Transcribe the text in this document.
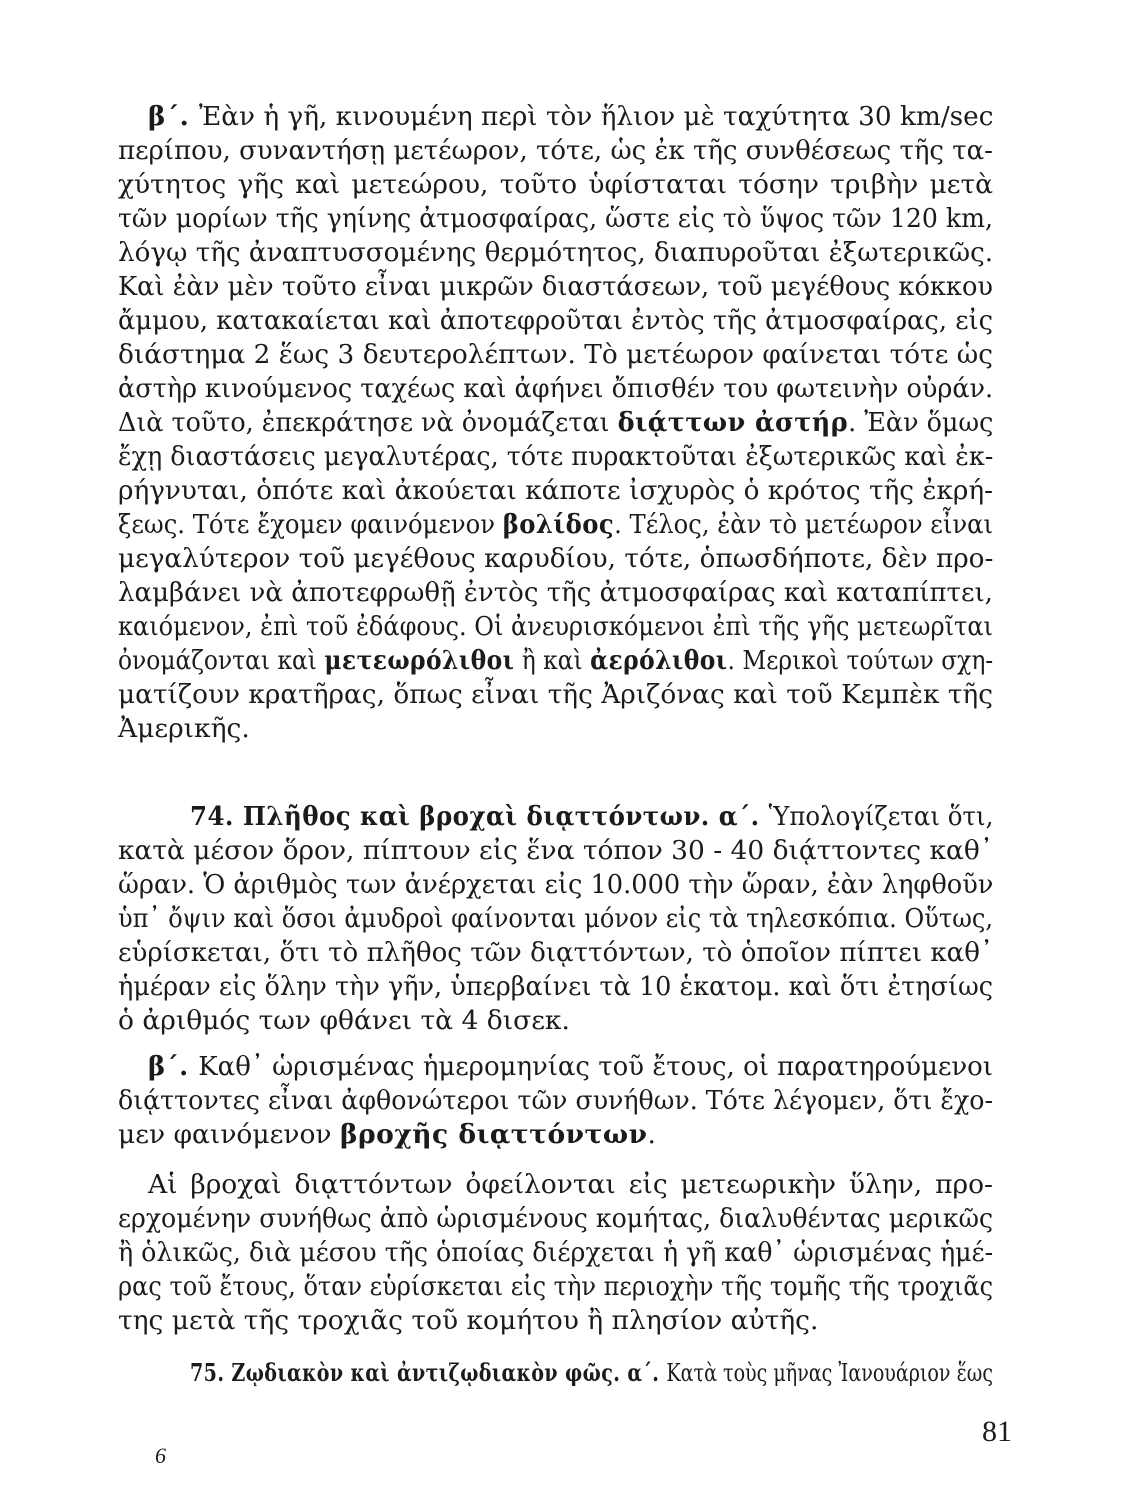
β΄. Ἐὰν ἡ γῆ, κινουμένη περὶ τὸν ἥλιον μὲ ταχύτητα 30 km/sec
περίπου, συναντήσῃ μετέωρον, τότε, ὡς ἐκ τῆς συνθέσεως τῆς τα-
χύτητος γῆς καὶ μετεώρου, τοῦτο ὑφίσταται τόσην τριβὴν μετὰ
τῶν μορίων τῆς γηίνης ἀτμοσφαίρας, ὥστε εἰς τὸ ὕψος τῶν 120 km,
λόγῳ τῆς ἀναπτυσσομένης θερμότητος, διαπυροῦται ἐξωτερικῶς.
Καὶ ἐὰν μὲν τοῦτο εἶναι μικρῶν διαστάσεων, τοῦ μεγέθους κόκκου
ἄμμου, κατακαίεται καὶ ἀποτεφροῦται ἐντὸς τῆς ἀτμοσφαίρας, εἰς
διάστημα 2 ἕως 3 δευτερολέπτων. Τὸ μετέωρον φαίνεται τότε ὡς
ἀστὴρ κινούμενος ταχέως καὶ ἀφήνει ὄπισθέν του φωτεινὴν οὐράν.
Διὰ τοῦτο, ἐπεκράτησε νὰ ὀνομάζεται διᾴττων ἀστήρ. Ἐὰν ὅμως
ἔχῃ διαστάσεις μεγαλυτέρας, τότε πυρακτοῦται ἐξωτερικῶς καὶ ἐκ-
ρήγνυται, ὁπότε καὶ ἀκούεται κάποτε ἰσχυρὸς ὁ κρότος τῆς ἐκρή-
ξεως. Τότε ἔχομεν φαινόμενον βολίδος. Τέλος, ἐὰν τὸ μετέωρον εἶναι
μεγαλύτερον τοῦ μεγέθους καρυδίου, τότε, ὁπωσδήποτε, δὲν προ-
λαμβάνει νὰ ἀποτεφρωθῇ ἐντὸς τῆς ἀτμοσφαίρας καὶ καταπίπτει,
καιόμενον, ἐπὶ τοῦ ἐδάφους. Οἱ ἀνευρισκόμενοι ἐπὶ τῆς γῆς μετεωρῖται
ὀνομάζονται καὶ μετεωρόλιθοι ἢ καὶ ἀερόλιθοι. Μερικοὶ τούτων σχη-
ματίζουν κρατῆρας, ὅπως εἶναι τῆς Ἀριζόνας καὶ τοῦ Κεμπὲκ τῆς
Ἀμερικῆς.
74. Πλῆθος καὶ βροχαὶ διᾳττόντων. α΄. Ὑπολογίζεται ὅτι,
κατὰ μέσον ὅρον, πίπτουν εἰς ἕνα τόπον 30 - 40 διᾴττοντες καθ᾽
ὥραν. Ὁ ἀριθμὸς των ἀνέρχεται εἰς 10.000 τὴν ὥραν, ἐὰν ληφθοῦν
ὑπ᾽ ὄψιν καὶ ὅσοι ἀμυδροὶ φαίνονται μόνον εἰς τὰ τηλεσκόπια. Οὕτως,
εὑρίσκεται, ὅτι τὸ πλῆθος τῶν διᾳττόντων, τὸ ὁποῖον πίπτει καθ᾽
ἡμέραν εἰς ὅλην τὴν γῆν, ὑπερβαίνει τὰ 10 ἑκατομ. καὶ ὅτι ἐτησίως
ὁ ἀριθμός των φθάνει τὰ 4 δισεκ.
β΄. Καθ᾽ ὡρισμένας ἡμερομηνίας τοῦ ἔτους, οἱ παρατηρούμενοι
διᾴττοντες εἶναι ἀφθονώτεροι τῶν συνήθων. Τότε λέγομεν, ὅτι ἔχο-
μεν φαινόμενον βροχῆς διᾳττόντων.
Αἱ βροχαὶ διᾳττόντων ὀφείλονται εἰς μετεωρικὴν ὕλην, προ-
ερχομένην συνήθως ἀπὸ ὡρισμένους κομήτας, διαλυθέντας μερικῶς
ἢ ὁλικῶς, διὰ μέσου τῆς ὁποίας διέρχεται ἡ γῆ καθ᾽ ὡρισμένας ἡμέ-
ρας τοῦ ἔτους, ὅταν εὑρίσκεται εἰς τὴν περιοχὴν τῆς τομῆς τῆς τροχιᾶς
της μετὰ τῆς τροχιᾶς τοῦ κομήτου ἢ πλησίον αὐτῆς.
75. Ζῳδιακὸν καὶ ἀντιζῳδιακὸν φῶς. α΄. Κατὰ τοὺς μῆνας Ἰανουάριον ἕως
81
6
